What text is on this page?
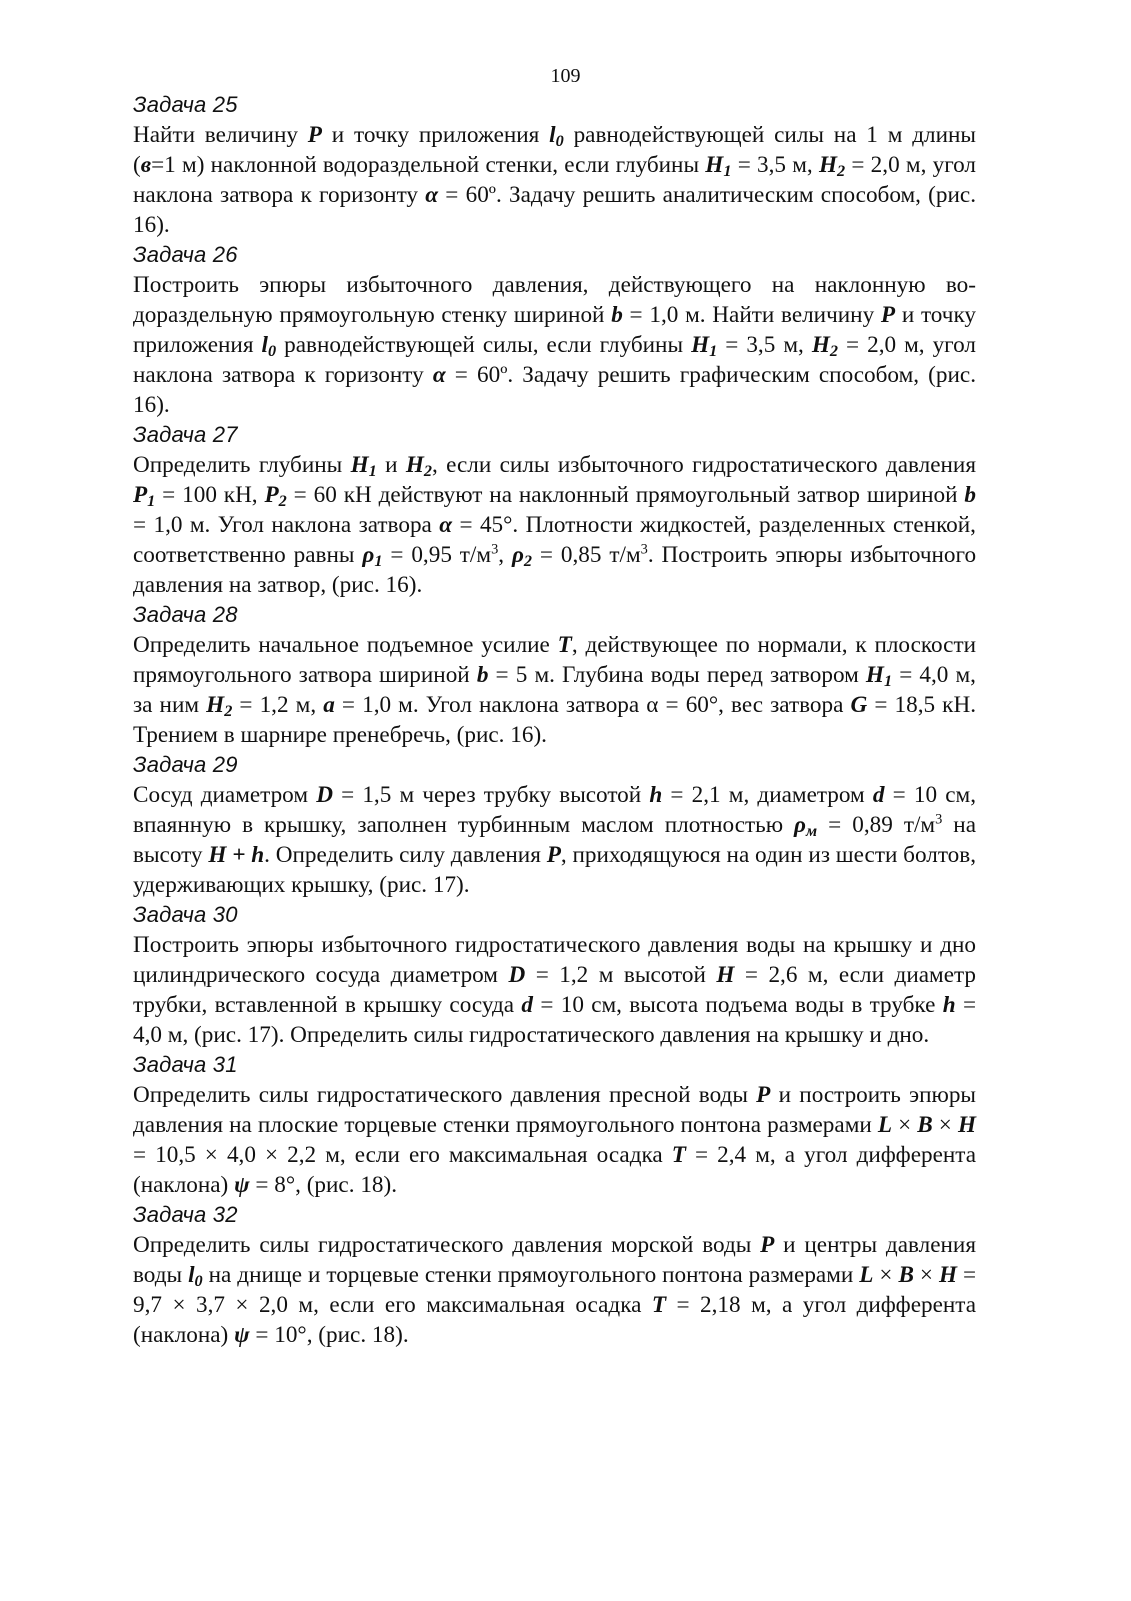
109
Задача 25

Найти величину P и точку приложения $l_0$ равнодействующей силы на 1 м длины (в=1 м) наклонной водораздельной стенки, если глубины $H_1 = 3,5$ м, $H_2 = 2,0$ м, угол наклона затвора к горизонту α = 60º. Задачу решить аналитическим способом, (рис. 16).

Задача 26

Построить эпюры избыточного давления, действующего на наклонную водораздельную прямоугольную стенку шириной b = 1,0 м. Найти величину P и точку приложения $l_0$ равнодействующей силы, если глубины $H_1 = 3,5$ м, $H_2 = 2,0$ м, угол наклона затвора к горизонту α = 60º. Задачу решить графическим способом, (рис. 16).

Задача 27

Определить глубины $H_1$ и $H_2$, если силы избыточного гидростатического давления $P_1 = 100$ кН, $P_2 = 60$ кН действуют на наклонный прямоугольный затвор шириной b = 1,0 м. Угол наклона затвора α = 45°. Плотности жидкостей, разделенных стенкой, соответственно равны $\rho_1 = 0,95$ $т/м^3$, $\rho_2 = 0,85$ $т/м^3$. Построить эпюры избыточного давления на затвор, (рис. 16).

Задача 28

Определить начальное подъемное усилие T, действующее по нормали, к плоскости прямоугольного затвора шириной b = 5 м. Глубина воды перед затвором $H_1 = 4,0$ м, за ним $H_2 = 1,2$ м, a = 1,0 м. Угол наклона затвора α = 60°, вес затвора G = 18,5 кН. Трением в шарнире пренебречь, (рис. 16).

Задача 29

Сосуд диаметром D = 1,5 м через трубку высотой h = 2,1 м, диаметром d = 10 см, впаянную в крышку, заполнен турбинным маслом плотностью $\rho_м = 0,89$ $т/м^3$ на высоту H + h. Определить силу давления P, приходящуюся на один из шести болтов, удерживающих крышку, (рис. 17).

Задача 30

Построить эпюры избыточного гидростатического давления воды на крышку и дно цилиндрического сосуда диаметром D = 1,2 м высотой H = 2,6 м, если диаметр трубки, вставленной в крышку сосуда d = 10 см, высота подъема воды в трубке h = 4,0 м, (рис. 17). Определить силы гидростатического давления на крышку и дно.

Задача 31

Определить силы гидростатического давления пресной воды P и построить эпюры давления на плоские торцевые стенки прямоугольного понтона размерами L × B × H = 10,5 × 4,0 × 2,2 м, если его максимальная осадка T = 2,4 м, а угол дифферента (наклона) ψ = 8°, (рис. 18).

Задача 32

Определить силы гидростатического давления морской воды P и центры давления воды $l_0$ на днище и торцевые стенки прямоугольного понтона размерами L × B × H = 9,7 × 3,7 × 2,0 м, если его максимальная осадка T = 2,18 м, а угол дифферента (наклона) ψ = 10°, (рис. 18).
